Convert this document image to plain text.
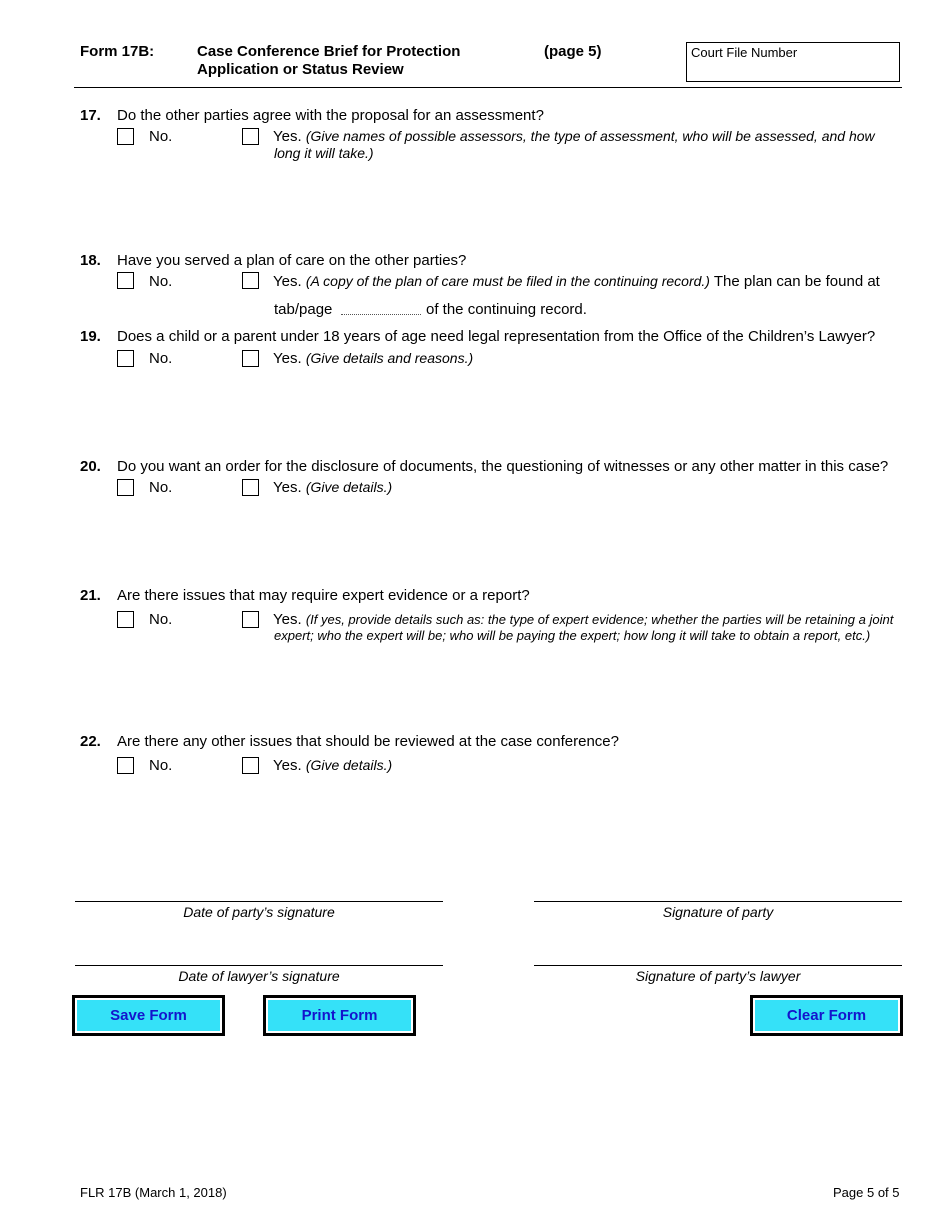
Form 17B:	Case Conference Brief for Protection
Application or Status Review
(page 5)	Court File Number
17. Do the other parties agree with the proposal for an assessment?
No.	Yes. (Give names of possible assessors, the type of assessment, who will be assessed, and how
long it will take.)
18. Have you served a plan of care on the other parties?
No.	Yes. (A copy of the plan of care must be filed in the continuing record.) The plan can be found at
tab/page	of the continuing record.
19. Does a child or a parent under 18 years of age need legal representation from the Office of the Children’s Lawyer?
No.	Yes. (Give details and reasons.)
20. Do you want an order for the disclosure of documents, the questioning of witnesses or any other matter in this case?
No.	Yes. (Give details.)
21. Are there issues that may require expert evidence or a report?
No.	Yes. (If yes, provide details such as: the type of expert evidence; whether the parties will be retaining a joint
expert; who the expert will be; who will be paying the expert; how long it will take to obtain a report, etc.)
22. Are there any other issues that should be reviewed at the case conference?
No.	Yes. (Give details.)
Date of party’s signature	Signature of party
Date of lawyer’s signature	Signature of party’s lawyer
Save Form	Print Form	Clear Form
FLR 17B (March 1, 2018)	Page 5 of 5
